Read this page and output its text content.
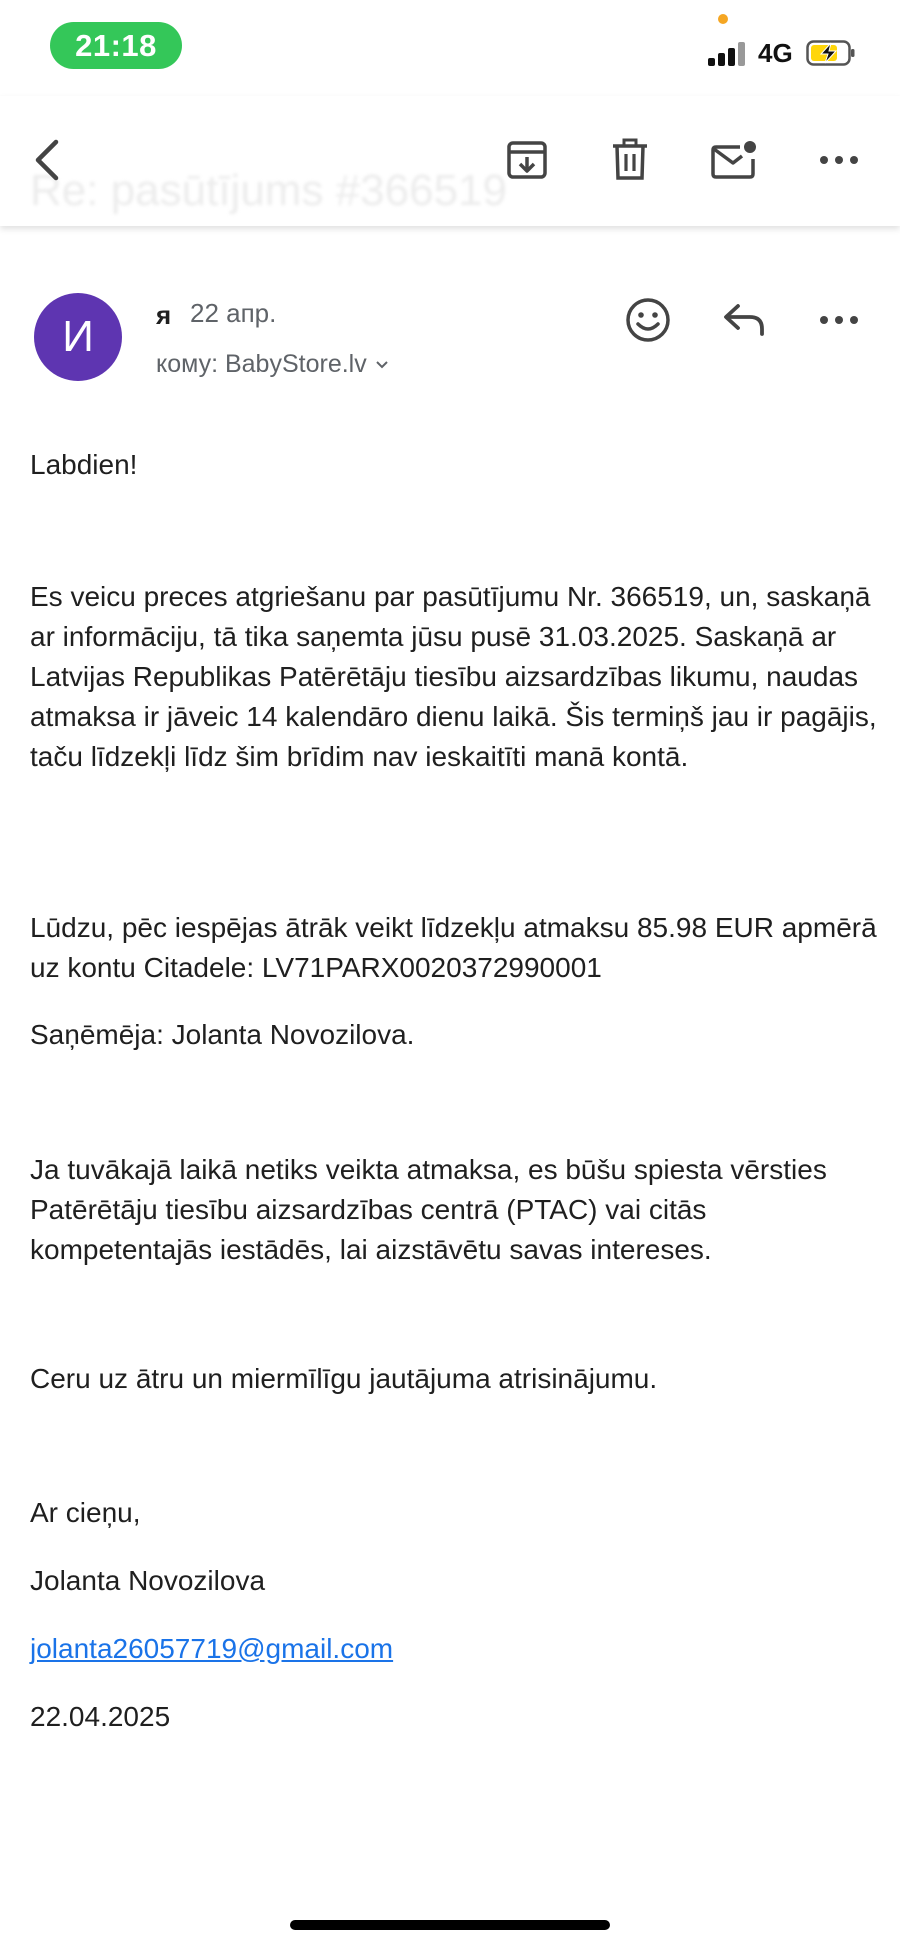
21:18	4G
Re: pasūtījums #366519
И	я 22 апр.
кому: BabyStore.lv

Labdien!

Es veicu preces atgriešanu par pasūtījumu Nr. 366519, un, saskaņā ar informāciju, tā tika saņemta jūsu pusē 31.03.2025. Saskaņā ar Latvijas Republikas Patērētāju tiesību aizsardzības likumu, naudas atmaksa ir jāveic 14 kalendāro dienu laikā. Šis termiņš jau ir pagājis, taču līdzekļi līdz šim brīdim nav ieskaitīti manā kontā.

Lūdzu, pēc iespējas ātrāk veikt līdzekļu atmaksu 85.98 EUR apmērā uz kontu Citadele: LV71PARX0020372990001

Saņēmēja: Jolanta Novozilova.

Ja tuvākajā laikā netiks veikta atmaksa, es būšu spiesta vērsties Patērētāju tiesību aizsardzības centrā (PTAC) vai citās kompetentajās iestādēs, lai aizstāvētu savas intereses.

Ceru uz ātru un miermīlīgu jautājuma atrisinājumu.

Ar cieņu,

Jolanta Novozilova

jolanta26057719@gmail.com

22.04.2025
